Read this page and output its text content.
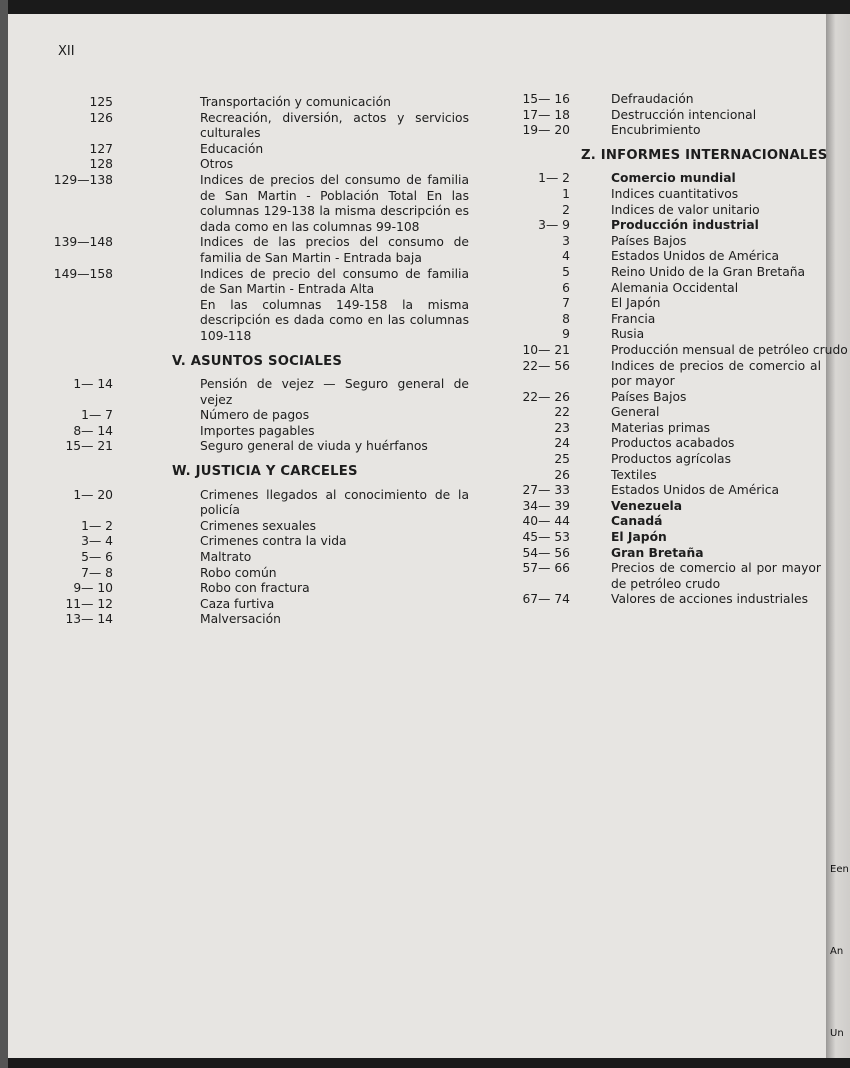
XII
125	Transportación y comunicación
126	Recreación, diversión, actos y servicios culturales
127	Educación
128	Otros
129—138	Indices de precios del consumo de familia de San Martin - Población Total En las columnas 129-138 la misma descripción es dada como en las columnas 99-108
139—148	Indices de las precios del consumo de familia de San Martin - Entrada baja
149—158	Indices de precio del consumo de familia de San Martin - Entrada Alta
En las columnas 149-158 la misma descripción es dada como en las columnas 109-118
V. ASUNTOS SOCIALES
1— 14	Pensión de vejez — Seguro general de vejez
1— 7	Número de pagos
8— 14	Importes pagables
15— 21	Seguro general de viuda y huérfanos
W. JUSTICIA Y CARCELES
1— 20	Crimenes llegados al conocimiento de la policía
1— 2	Crimenes sexuales
3— 4	Crimenes contra la vida
5— 6	Maltrato
7— 8	Robo común
9— 10	Robo con fractura
11— 12	Caza furtiva
13— 14	Malversación
15— 16	Defraudación
17— 18	Destrucción intencional
19— 20	Encubrimiento
Z. INFORMES INTERNACIONALES
1— 2	Comercio mundial
1	Indices cuantitativos
2	Indices de valor unitario
3— 9	Producción industrial
3	Países Bajos
4	Estados Unidos de América
5	Reino Unido de la Gran Bretaña
6	Alemania Occidental
7	El Japón
8	Francia
9	Rusia
10— 21	Producción mensual de petróleo crudo
22— 56	Indices de precios de comercio al por mayor
22— 26	Países Bajos
22	General
23	Materias primas
24	Productos acabados
25	Productos agrícolas
26	Textiles
27— 33	Estados Unidos de América
34— 39	Venezuela
40— 44	Canadá
45— 53	El Japón
54— 56	Gran Bretaña
57— 66	Precios de comercio al por mayor de petróleo crudo
67— 74	Valores de acciones industriales
Een
An
Un
